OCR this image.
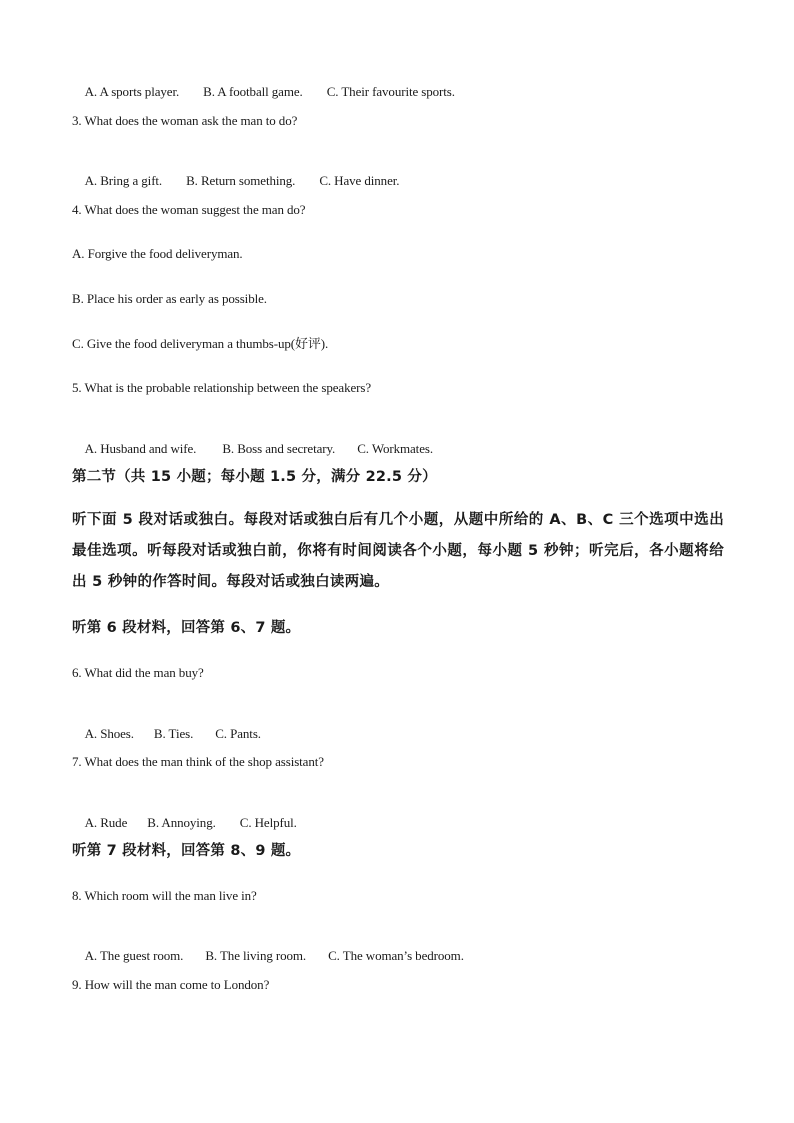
A. A sports player. B. A football game. C. Their favourite sports.

3. What does the woman ask the man to do?

A. Bring a gift. B. Return something. C. Have dinner.

4. What does the woman suggest the man do?
A. Forgive the food deliveryman.
B. Place his order as early as possible.
C. Give the food deliveryman a thumbs-up(好评).
5. What is the probable relationship between the speakers?

A. Husband and wife. B. Boss and secretary. C. Workmates.

第二节（共 15 小题；每小题 1.5 分，满分 22.5 分）
听下面 5 段对话或独白。每段对话或独白后有几个小题，从题中所给的 A、B、C 三个选项中选出最佳选项。听每段对话或独白前，你将有时间阅读各个小题，每小题 5 秒钟；听完后，各小题将给出 5 秒钟的作答时间。每段对话或独白读两遍。
听第 6 段材料，回答第 6、7 题。
6. What did the man buy?

A. Shoes. B. Ties. C. Pants.

7. What does the man think of the shop assistant?

A. Rude B. Annoying. C. Helpful.

听第 7 段材料，回答第 8、9 题。
8. Which room will the man live in?

A. The guest room. B. The living room. C. The woman’s bedroom.

9. How will the man come to London?
